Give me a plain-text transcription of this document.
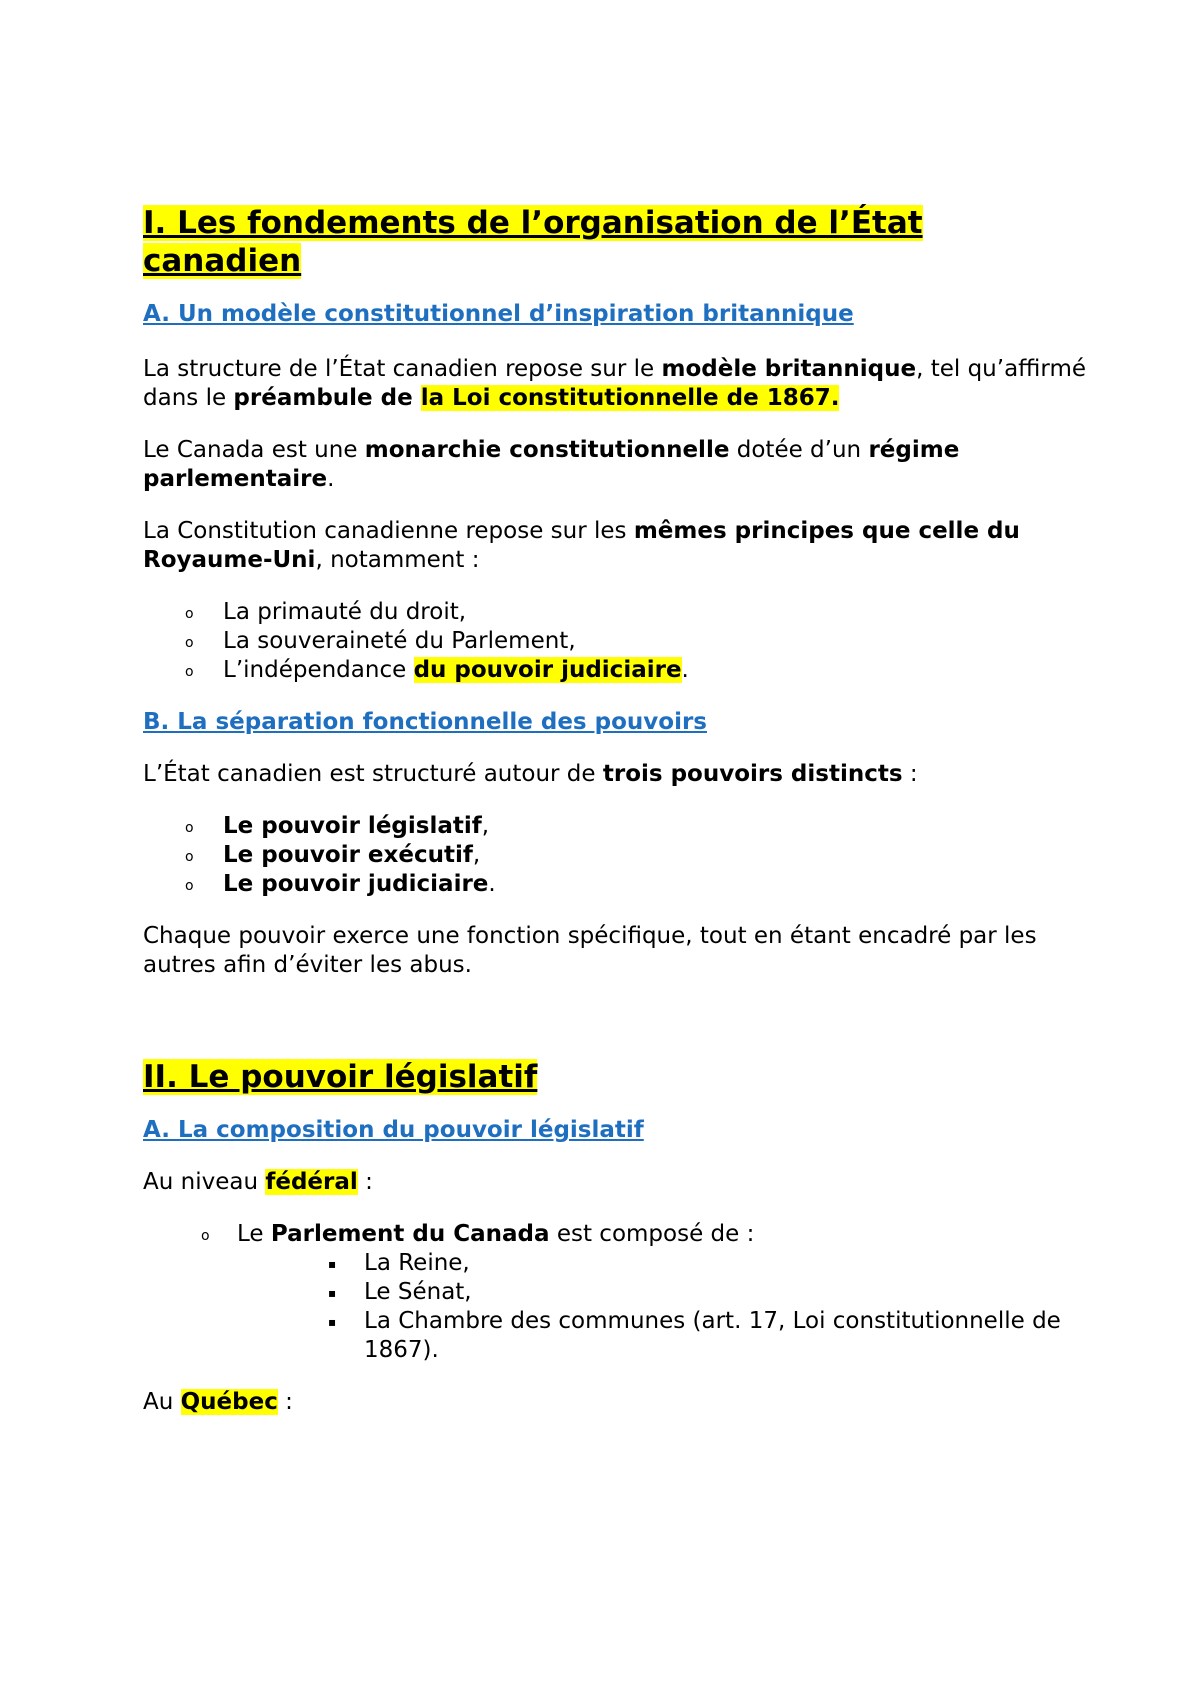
I. Les fondements de l’organisation de l’État
canadien
A. Un modèle constitutionnel d’inspiration britannique

La structure de l’État canadien repose sur le modèle britannique, tel qu’affirmé dans le préambule de la Loi constitutionnelle de 1867.

Le Canada est une monarchie constitutionnelle dotée d’un régime parlementaire.

La Constitution canadienne repose sur les mêmes principes que celle du Royaume-Uni, notamment :

o La primauté du droit,
o La souveraineté du Parlement,
o L’indépendance du pouvoir judiciaire.
B. La séparation fonctionnelle des pouvoirs

L’État canadien est structuré autour de trois pouvoirs distincts :

o Le pouvoir législatif,
o Le pouvoir exécutif,
o Le pouvoir judiciaire.

Chaque pouvoir exerce une fonction spécifique, tout en étant encadré par les autres afin d’éviter les abus.

II. Le pouvoir législatif
A. La composition du pouvoir législatif

Au niveau fédéral :

o Le Parlement du Canada est composé de :
▪ La Reine,
▪ Le Sénat,
▪ La Chambre des communes (art. 17, Loi constitutionnelle de 1867).

Au Québec :
